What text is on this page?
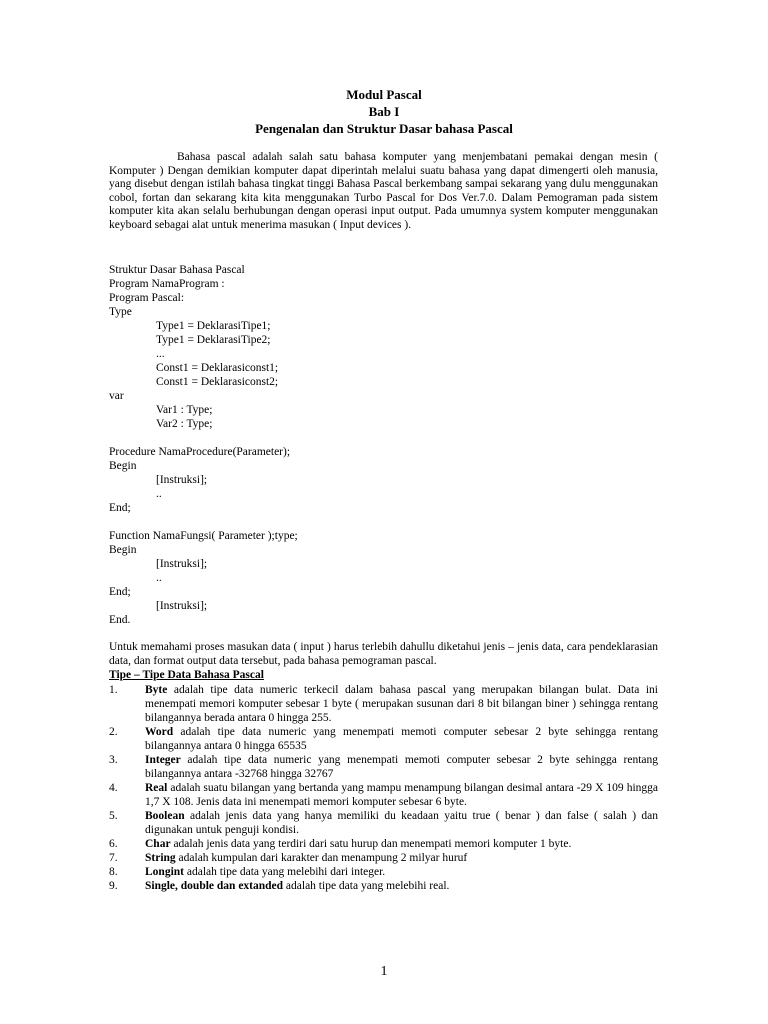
Modul Pascal
Bab I
Pengenalan dan Struktur Dasar bahasa Pascal

Bahasa pascal adalah salah satu bahasa komputer yang menjembatani pemakai dengan mesin ( Komputer ) Dengan demikian komputer dapat diperintah melalui suatu bahasa yang dapat dimengerti oleh manusia, yang disebut dengan istilah bahasa tingkat tinggi Bahasa Pascal berkembang sampai sekarang yang dulu menggunakan cobol, fortan dan sekarang kita kita menggunakan Turbo Pascal for Dos Ver.7.0. Dalam Pemograman pada sistem komputer kita akan selalu berhubungan dengan operasi input output. Pada umumnya system komputer menggunakan keyboard sebagai alat untuk menerima masukan ( Input devices ).

Struktur Dasar Bahasa Pascal
Program NamaProgram :
Program Pascal:
Type
Type1 = DeklarasiTipe1;
Type1 = DeklarasiTipe2;
...
Const1 = Deklarasiconst1;
Const1 = Deklarasiconst2;
var
Var1 : Type;
Var2 : Type;
Procedure NamaProcedure(Parameter);
Begin
[Instruksi];
..
End;
Function NamaFungsi( Parameter );type;
Begin
[Instruksi];
..
End;
[Instruksi];
End.

Untuk memahami proses masukan data ( input ) harus terlebih dahullu diketahui jenis – jenis data, cara pendeklarasian data, dan format output data tersebut, pada bahasa pemograman pascal.

Tipe – Tipe Data Bahasa Pascal
1. Byte adalah tipe data numeric terkecil dalam bahasa pascal yang merupakan bilangan bulat. Data ini menempati memori komputer sebesar 1 byte ( merupakan susunan dari 8 bit bilangan biner ) sehingga rentang bilangannya berada antara 0 hingga 255.
2. Word adalah tipe data numeric yang menempati memoti computer sebesar 2 byte sehingga rentang bilangannya antara 0 hingga 65535
3. Integer adalah tipe data numeric yang menempati memoti computer sebesar 2 byte sehingga rentang bilangannya antara -32768 hingga 32767
4. Real adalah suatu bilangan yang bertanda yang mampu menampung bilangan desimal antara -29 X 109 hingga 1,7 X 108. Jenis data ini menempati memori komputer sebesar 6 byte.
5. Boolean adalah jenis data yang hanya memiliki du keadaan yaitu true ( benar ) dan false ( salah ) dan digunakan untuk penguji kondisi.
6. Char adalah jenis data yang terdiri dari satu hurup dan menempati memori komputer 1 byte.
7. String adalah kumpulan dari karakter dan menampung 2 milyar huruf
8. Longint adalah tipe data yang melebihi dari integer.
9. Single, double dan extanded adalah tipe data yang melebihi real.
1
